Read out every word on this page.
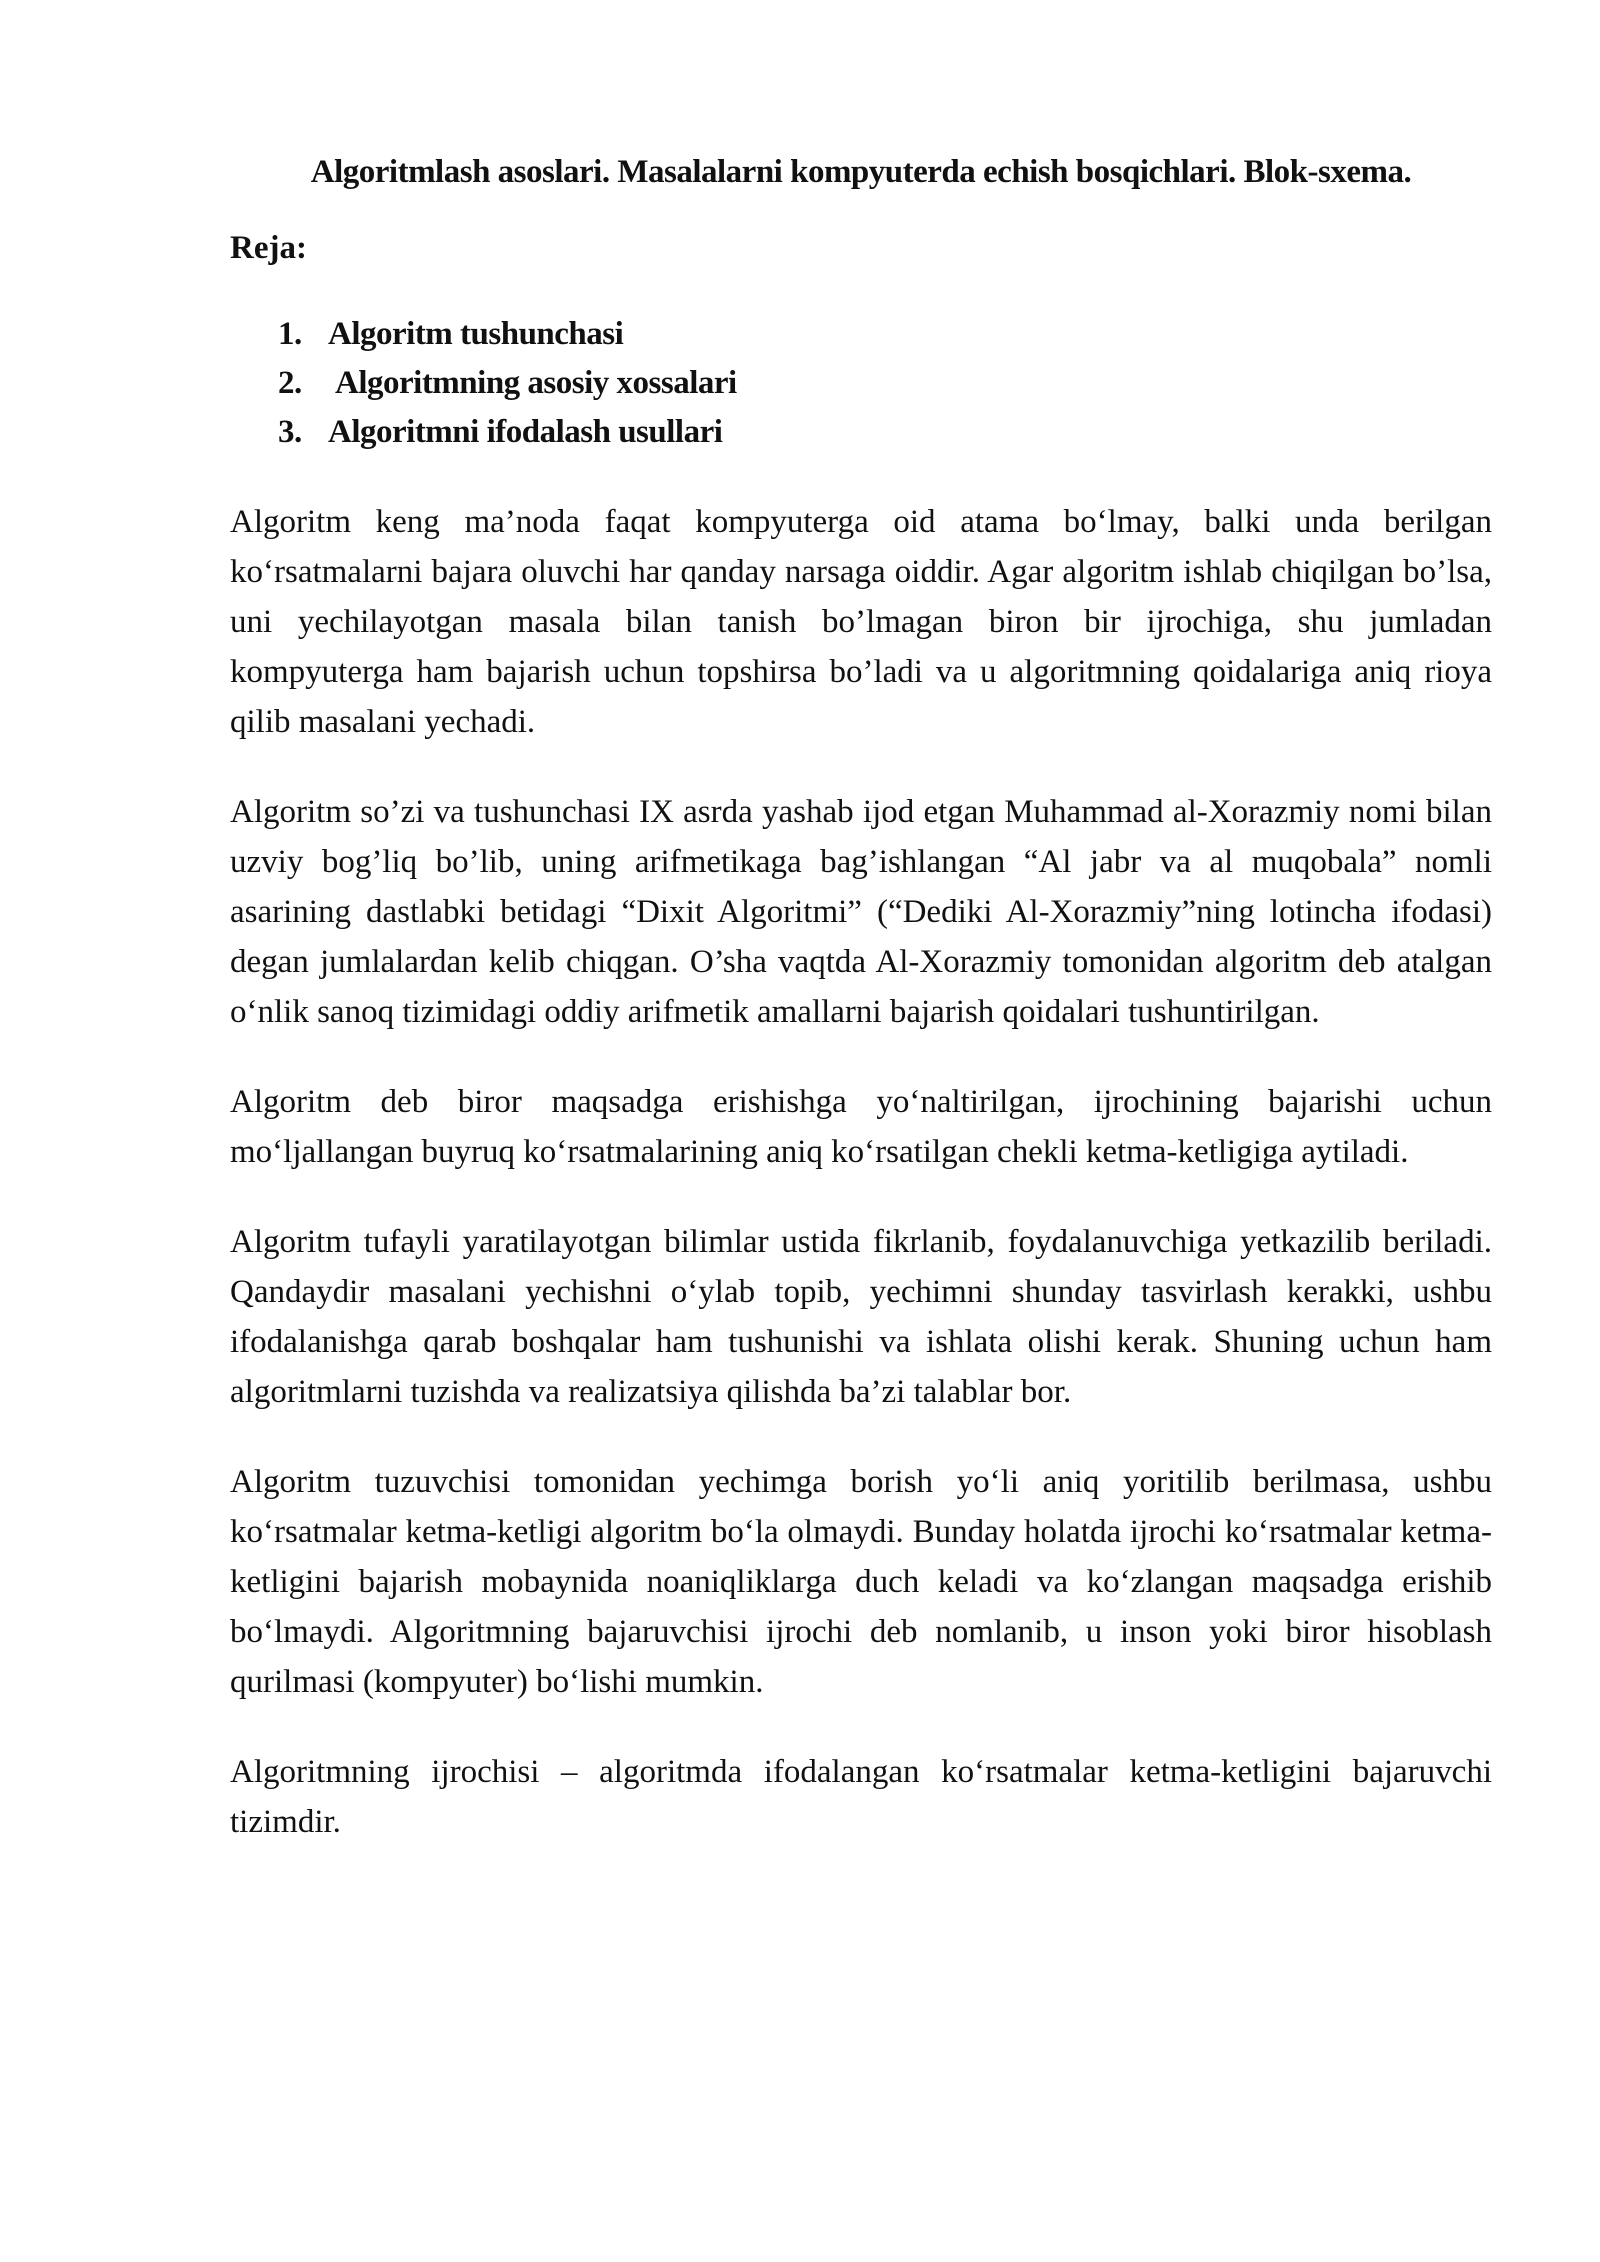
Algoritmlash asoslari. Masalalarni kompyuterda echish bosqichlari. Blok-sxema.
Reja:
1. Algoritm tushunchasi
2. Algoritmning asosiy xossalari
3. Algoritmni ifodalash usullari

Algoritm keng ma’noda faqat kompyuterga oid atama bo‘lmay, balki unda berilgan ko‘rsatmalarni bajara oluvchi har qanday narsaga oiddir. Agar algoritm ishlab chiqilgan bo’lsa, uni yechilayotgan masala bilan tanish bo’lmagan biron bir ijrochiga, shu jumladan kompyuterga ham bajarish uchun topshirsa bo’ladi va u algoritmning qoidalariga aniq rioya qilib masalani yechadi.

Algoritm so’zi va tushunchasi IX asrda yashab ijod etgan Muhammad al-Xorazmiy nomi bilan uzviy bog’liq bo’lib, uning arifmetikaga bag’ishlangan “Al jabr va al muqobala” nomli asarining dastlabki betidagi “Dixit Algoritmi” (“Dediki Al-Xorazmiy”ning lotincha ifodasi) degan jumlalardan kelib chiqgan. O’sha vaqtda Al-Xorazmiy tomonidan algoritm deb atalgan o‘nlik sanoq tizimidagi oddiy arifmetik amallarni bajarish qoidalari tushuntirilgan.

Algoritm deb biror maqsadga erishishga yo‘naltirilgan, ijrochining bajarishi uchun mo‘ljallangan buyruq ko‘rsatmalarining aniq ko‘rsatilgan chekli ketma-ketligiga aytiladi.

Algoritm tufayli yaratilayotgan bilimlar ustida fikrlanib, foydalanuvchiga yetkazilib beriladi. Qandaydir masalani yechishni o‘ylab topib, yechimni shunday tasvirlash kerakki, ushbu ifodalanishga qarab boshqalar ham tushunishi va ishlata olishi kerak. Shuning uchun ham algoritmlarni tuzishda va realizatsiya qilishda ba’zi talablar bor.

Algoritm tuzuvchisi tomonidan yechimga borish yo‘li aniq yoritilib berilmasa, ushbu ko‘rsatmalar ketma-ketligi algoritm bo‘la olmaydi. Bunday holatda ijrochi ko‘rsatmalar ketma-ketligini bajarish mobaynida noaniqliklarga duch keladi va ko‘zlangan maqsadga erishib bo‘lmaydi. Algoritmning bajaruvchisi ijrochi deb nomlanib, u inson yoki biror hisoblash qurilmasi (kompyuter) bo‘lishi mumkin.

Algoritmning ijrochisi – algoritmda ifodalangan ko‘rsatmalar ketma-ketligini bajaruvchi tizimdir.
